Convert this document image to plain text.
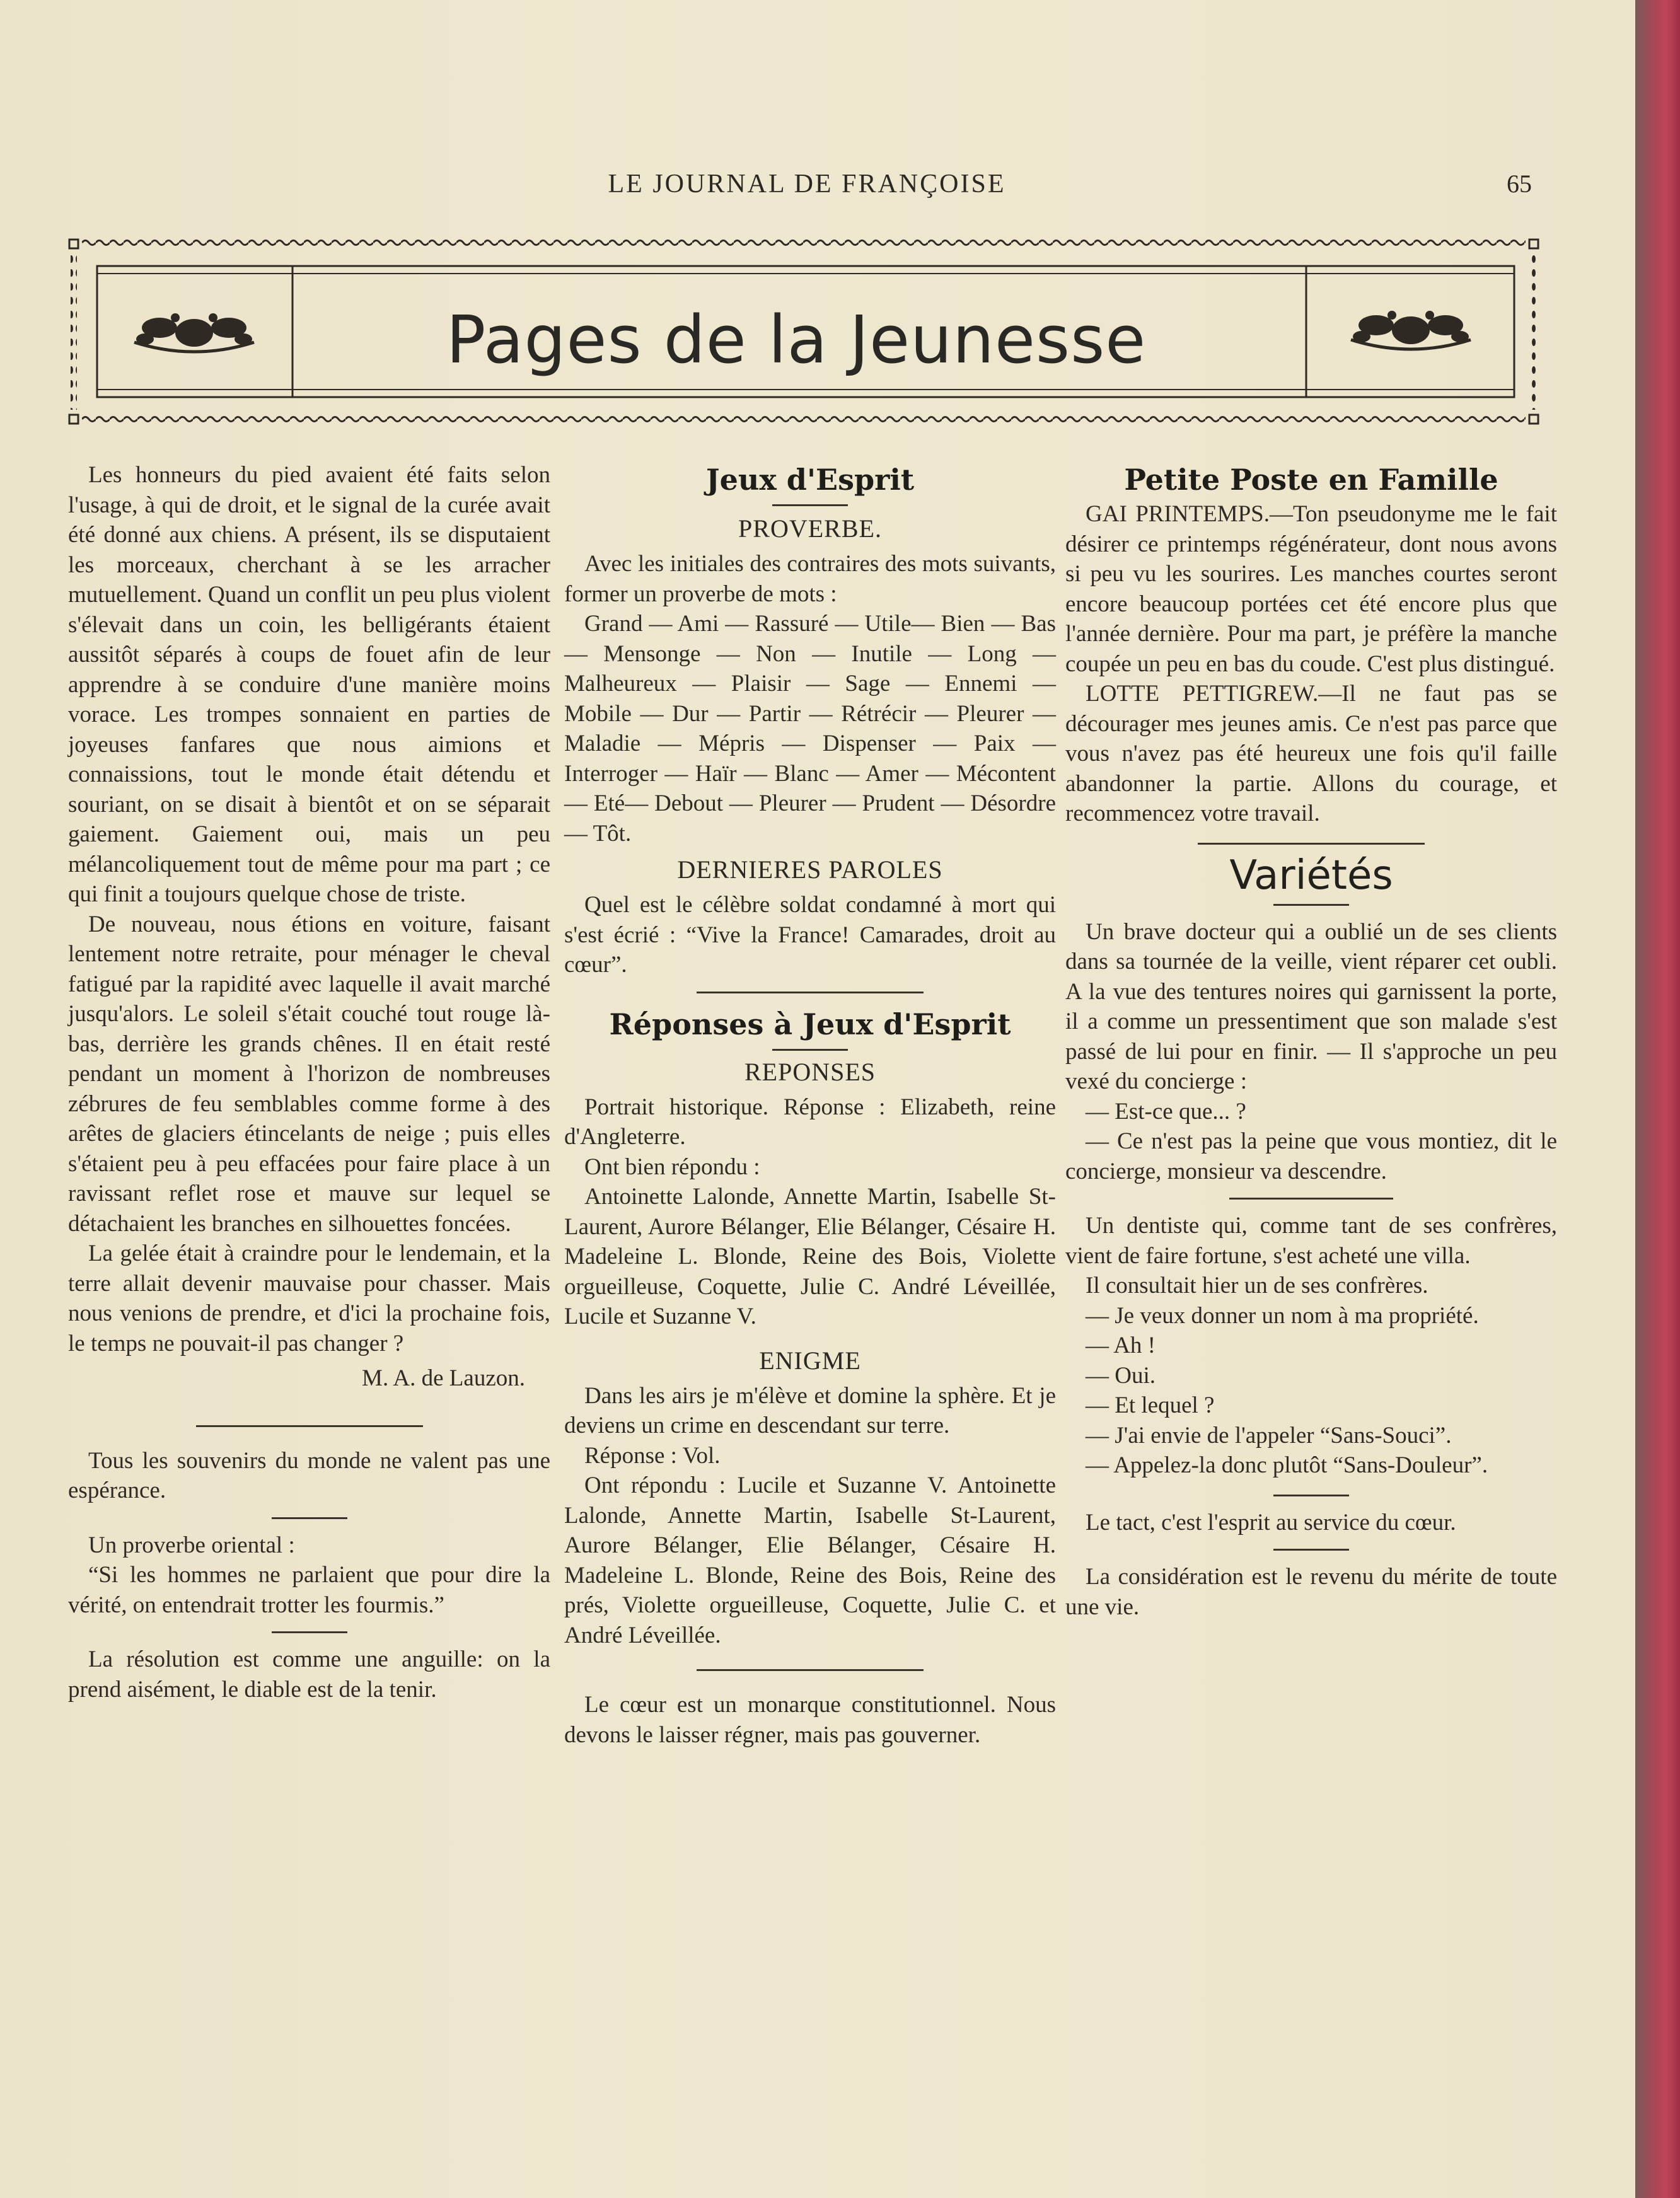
LE JOURNAL DE FRANÇOISE	65
Pages de la Jeunesse

Les honneurs du pied avaient été faits selon l'usage, à qui de droit, et le signal de la curée avait été donné aux chiens. A présent, ils se disputaient les morceaux, cherchant à se les arracher mutuellement. Quand un conflit un peu plus violent s'élevait dans un coin, les belligérants étaient aussitôt séparés à coups de fouet afin de leur apprendre à se conduire d'une manière moins vorace. Les trompes sonnaient en parties de joyeuses fanfares que nous aimions et connaissions, tout le monde était détendu et souriant, on se disait à bientôt et on se séparait gaiement. Gaiement oui, mais un peu mélancoliquement tout de même pour ma part ; ce qui finit a toujours quelque chose de triste.

De nouveau, nous étions en voiture, faisant lentement notre retraite, pour ménager le cheval fatigué par la rapidité avec laquelle il avait marché jusqu'alors. Le soleil s'était couché tout rouge là-bas, derrière les grands chênes. Il en était resté pendant un moment à l'horizon de nombreuses zébrures de feu semblables comme forme à des arêtes de glaciers étincelants de neige ; puis elles s'étaient peu à peu effacées pour faire place à un ravissant reflet rose et mauve sur lequel se détachaient les branches en silhouettes foncées.

La gelée était à craindre pour le lendemain, et la terre allait devenir mauvaise pour chasser. Mais nous venions de prendre, et d'ici la prochaine fois, le temps ne pouvait-il pas changer ?

M. A. de Lauzon.

Tous les souvenirs du monde ne valent pas une espérance.

Un proverbe oriental :

“Si les hommes ne parlaient que pour dire la vérité, on entendrait trotter les fourmis.”

La résolution est comme une anguille: on la prend aisément, le diable est de la tenir.

Jeux d'Esprit
PROVERBE.

Avec les initiales des contraires des mots suivants, former un proverbe de mots :

Grand — Ami — Rassuré — Utile— Bien — Bas — Mensonge — Non — Inutile — Long — Malheureux — Plaisir — Sage — Ennemi — Mobile — Dur — Partir — Rétrécir — Pleurer — Maladie — Mépris — Dispenser — Paix — Interroger — Haïr — Blanc — Amer — Mécontent — Eté— Debout — Pleurer — Prudent — Désordre — Tôt.

DERNIERES PAROLES

Quel est le célèbre soldat condamné à mort qui s'est écrié : “Vive la France! Camarades, droit au cœur”.

Réponses à Jeux d'Esprit
REPONSES

Portrait historique. Réponse : Elizabeth, reine d'Angleterre.

Ont bien répondu :

Antoinette Lalonde, Annette Martin, Isabelle St-Laurent, Aurore Bélanger, Elie Bélanger, Césaire H. Madeleine L. Blonde, Reine des Bois, Violette orgueilleuse, Coquette, Julie C. André Léveillée, Lucile et Suzanne V.

ENIGME

Dans les airs je m'élève et domine la sphère. Et je deviens un crime en descendant sur terre.

Réponse : Vol.

Ont répondu : Lucile et Suzanne V. Antoinette Lalonde, Annette Martin, Isabelle St-Laurent, Aurore Bélanger, Elie Bélanger, Césaire H. Madeleine L. Blonde, Reine des Bois, Reine des prés, Violette orgueilleuse, Coquette, Julie C. et André Léveillée.

Le cœur est un monarque constitutionnel. Nous devons le laisser régner, mais pas gouverner.

Petite Poste en Famille

GAI PRINTEMPS.—Ton pseudonyme me le fait désirer ce printemps régénérateur, dont nous avons si peu vu les sourires. Les manches courtes seront encore beaucoup portées cet été encore plus que l'année dernière. Pour ma part, je préfère la manche coupée un peu en bas du coude. C'est plus distingué.

LOTTE PETTIGREW.—Il ne faut pas se décourager mes jeunes amis. Ce n'est pas parce que vous n'avez pas été heureux une fois qu'il faille abandonner la partie. Allons du courage, et recommencez votre travail.

Variétés

Un brave docteur qui a oublié un de ses clients dans sa tournée de la veille, vient réparer cet oubli. A la vue des tentures noires qui garnissent la porte, il a comme un pressentiment que son malade s'est passé de lui pour en finir. — Il s'approche un peu vexé du concierge :

— Est-ce que... ?

— Ce n'est pas la peine que vous montiez, dit le concierge, monsieur va descendre.

Un dentiste qui, comme tant de ses confrères, vient de faire fortune, s'est acheté une villa.

Il consultait hier un de ses confrères.

— Je veux donner un nom à ma propriété.

— Ah !

— Oui.

— Et lequel ?

— J'ai envie de l'appeler “Sans-Souci”.

— Appelez-la donc plutôt “Sans-Douleur”.

Le tact, c'est l'esprit au service du cœur.

La considération est le revenu du mérite de toute une vie.
